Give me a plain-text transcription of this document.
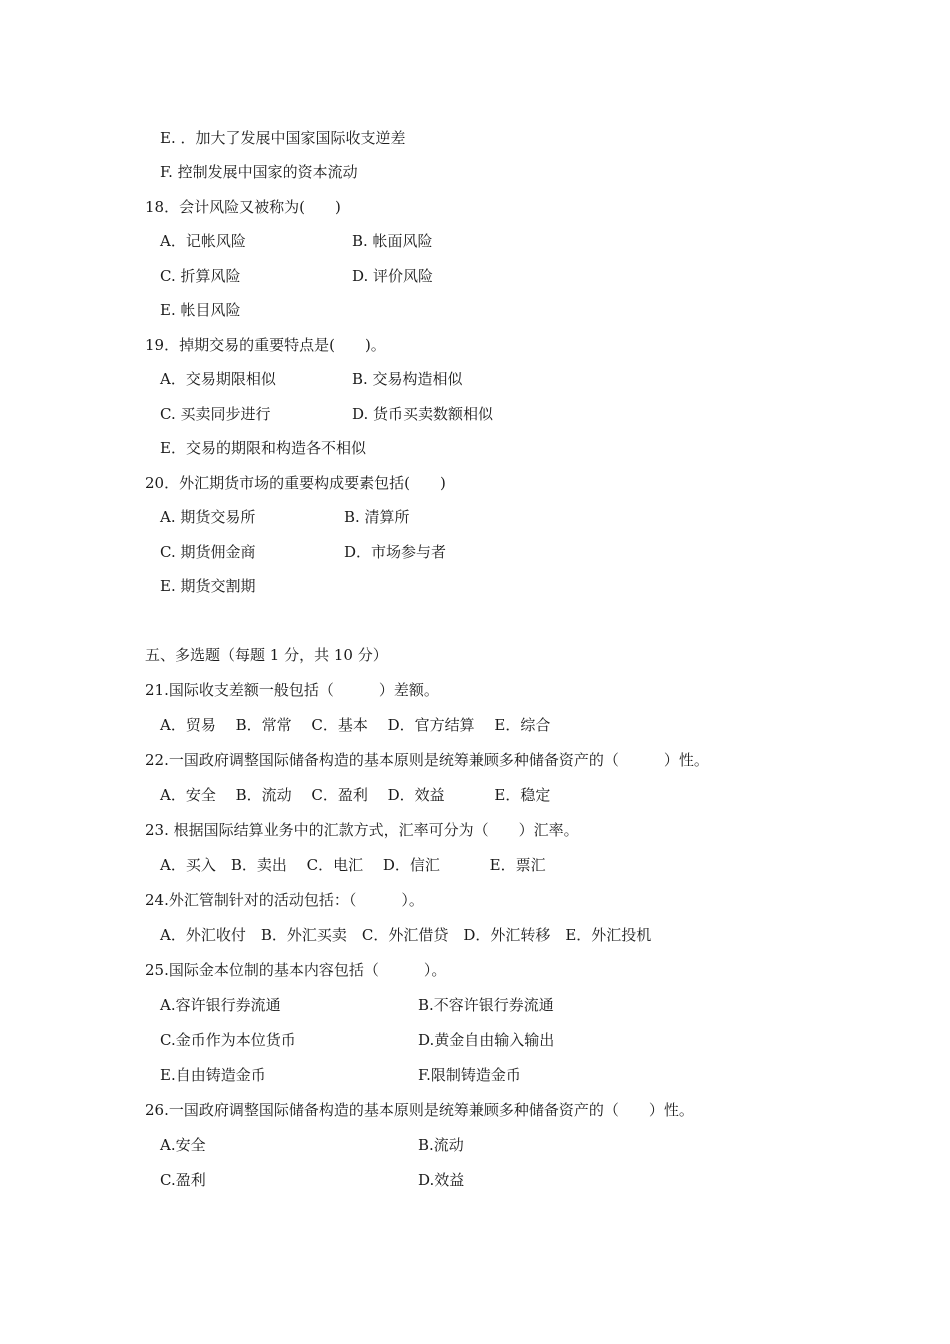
E. ．加大了发展中国家国际收支逆差
F. 控制发展中国家的资本流动
18．会计风险又被称为(　　)
A．记帐风险	B. 帐面风险
C. 折算风险	D. 评价风险
E. 帐目风险
19．掉期交易的重要特点是(　　)。
A．交易期限相似	B. 交易构造相似
C. 买卖同步进行	D. 货币买卖数额相似
E．交易的期限和构造各不相似
20．外汇期货市场的重要构成要素包括(　　)
A. 期货交易所	B. 清算所
C. 期货佣金商	D．市场参与者
E. 期货交割期
五、多选题（每题 1 分，共 10 分）
21.国际收支差额一般包括（　　　）差额。
A．贸易　 B．常常　 C．基本　 D．官方结算　 E．综合
22.一国政府调整国际储备构造的基本原则是统筹兼顾多种储备资产的（　　　）性。
A．安全　 B．流动　 C．盈利　 D．效益　　　 E．稳定
23. 根据国际结算业务中的汇款方式，汇率可分为（　　）汇率。
A．买入　B．卖出　 C．电汇　 D．信汇　　　 E．票汇
24.外汇管制针对的活动包括：（　　　）。
A．外汇收付　B．外汇买卖　C．外汇借贷　D．外汇转移　E．外汇投机
25.国际金本位制的基本内容包括（　　　）。
A.容许银行券流通	B.不容许银行券流通
C.金币作为本位货币	D.黄金自由输入输出
E.自由铸造金币	F.限制铸造金币
26.一国政府调整国际储备构造的基本原则是统筹兼顾多种储备资产的（　　）性。
A.安全	B.流动
C.盈利	D.效益
